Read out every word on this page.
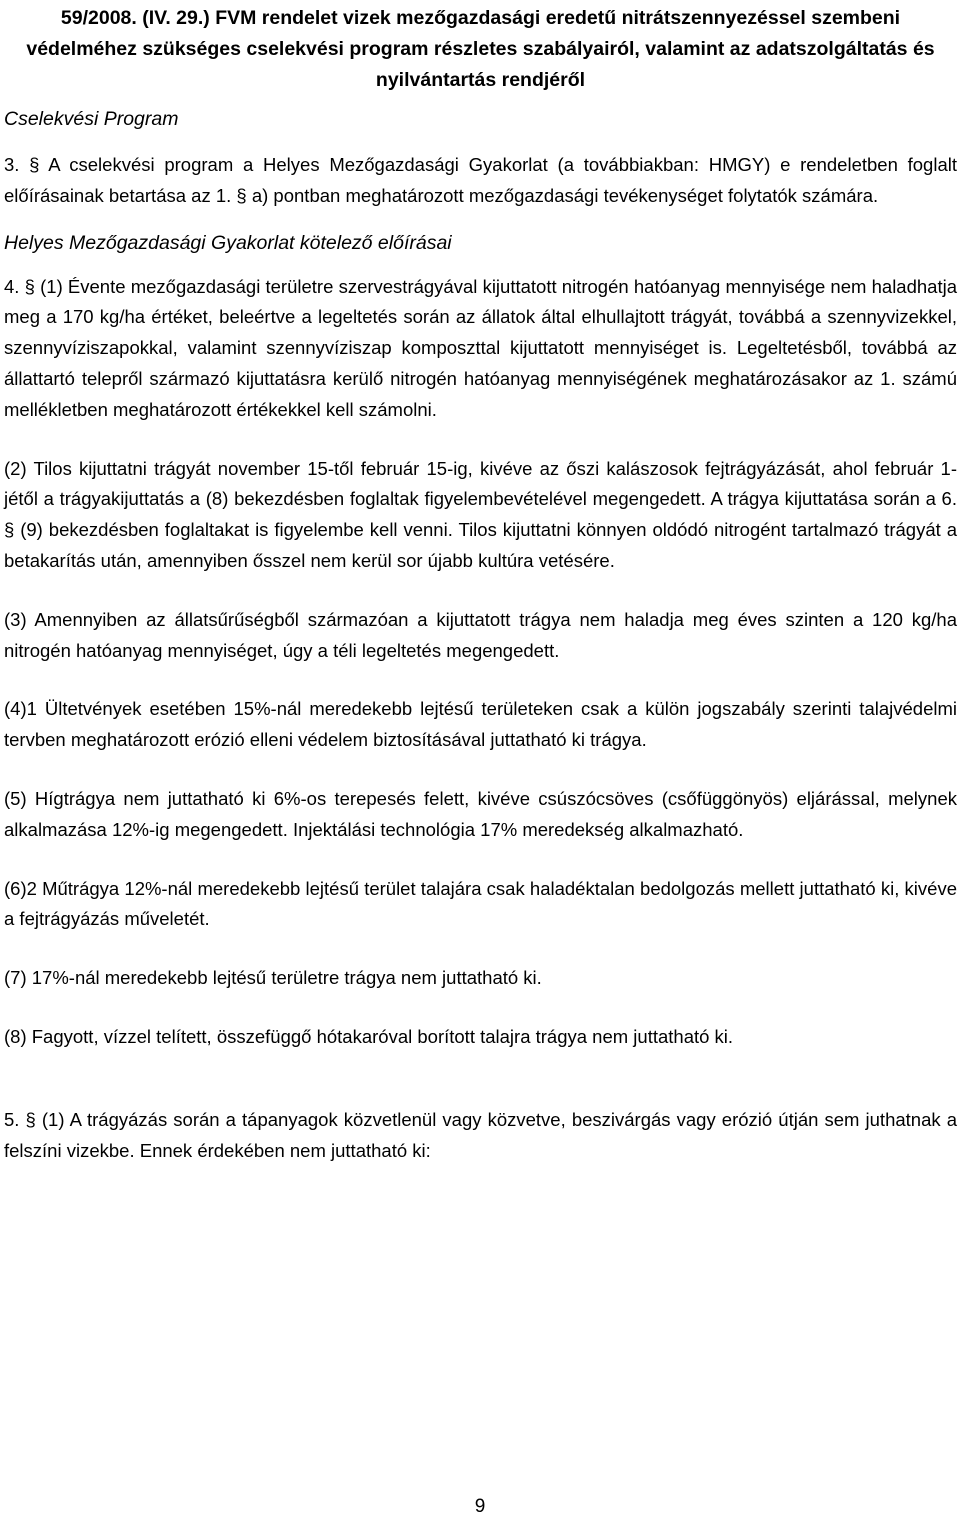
59/2008. (IV. 29.) FVM rendelet vizek mezőgazdasági eredetű nitrátszennyezéssel szembeni védelméhez szükséges cselekvési program részletes szabályairól, valamint az adatszolgáltatás és nyilvántartás rendjéről

Cselekvési Program

3. § A cselekvési program a Helyes Mezőgazdasági Gyakorlat (a továbbiakban: HMGY) e rendeletben foglalt előírásainak betartása az 1. § a) pontban meghatározott mezőgazdasági tevékenységet folytatók számára.

Helyes Mezőgazdasági Gyakorlat kötelező előírásai

4. § (1) Évente mezőgazdasági területre szervestrágyával kijuttatott nitrogén hatóanyag mennyisége nem haladhatja meg a 170 kg/ha értéket, beleértve a legeltetés során az állatok által elhullajtott trágyát, továbbá a szennyvizekkel, szennyvíziszapokkal, valamint szennyvíziszap komposzttal kijuttatott mennyiséget is. Legeltetésből, továbbá az állattartó telepről származó kijuttatásra kerülő nitrogén hatóanyag mennyiségének meghatározásakor az 1. számú mellékletben meghatározott értékekkel kell számolni.

(2) Tilos kijuttatni trágyát november 15-től február 15-ig, kivéve az őszi kalászosok fejtrágyázását, ahol február 1-jétől a trágyakijuttatás a (8) bekezdésben foglaltak figyelembevételével megengedett. A trágya kijuttatása során a 6. § (9) bekezdésben foglaltakat is figyelembe kell venni. Tilos kijuttatni könnyen oldódó nitrogént tartalmazó trágyát a betakarítás után, amennyiben ősszel nem kerül sor újabb kultúra vetésére.

(3) Amennyiben az állatsűrűségből származóan a kijuttatott trágya nem haladja meg éves szinten a 120 kg/ha nitrogén hatóanyag mennyiséget, úgy a téli legeltetés megengedett.

(4)1 Ültetvények esetében 15%-nál meredekebb lejtésű területeken csak a külön jogszabály szerinti talajvédelmi tervben meghatározott erózió elleni védelem biztosításával juttatható ki trágya.

(5) Hígtrágya nem juttatható ki 6%-os terepesés felett, kivéve csúszócsöves (csőfüggönyös) eljárással, melynek alkalmazása 12%-ig megengedett. Injektálási technológia 17% meredekség alkalmazható.

(6)2 Műtrágya 12%-nál meredekebb lejtésű terület talajára csak haladéktalan bedolgozás mellett juttatható ki, kivéve a fejtrágyázás műveletét.

(7) 17%-nál meredekebb lejtésű területre trágya nem juttatható ki.

(8) Fagyott, vízzel telített, összefüggő hótakaróval borított talajra trágya nem juttatható ki.

5. § (1) A trágyázás során a tápanyagok közvetlenül vagy közvetve, beszivárgás vagy erózió útján sem juthatnak a felszíni vizekbe. Ennek érdekében nem juttatható ki:

9
